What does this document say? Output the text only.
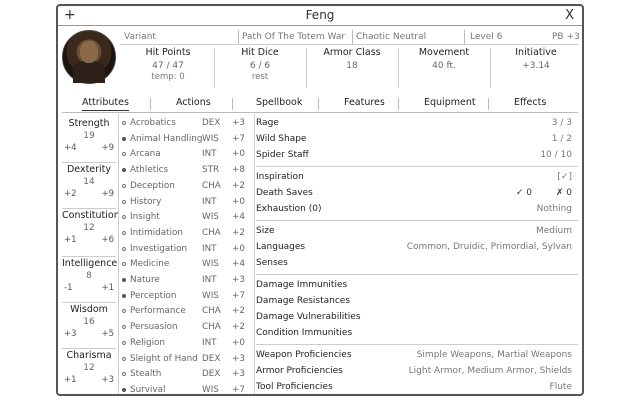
+	Feng	X
Variant	Path Of The Totem War Chaotic Neutral	Level 6	PB +3
Hit Points
47 / 47
temp: 0
Hit Dice
6 / 6
rest
Armor Class
18
Movement
40 ft.
Initiative
+3.14
Attributes	Actions	Spellbook	Features	Equipment	Effects
Strength
19
+4	+9
Dexterity
14
+2	+9
Constitution
12
+1	+6
Intelligence
8
-1	+1
Wisdom
16
+3	+5
Charisma
12
+1	+3
Acrobatics	DEX +3
Animal Handling WIS +7
Arcana	INT +0
Athletics	STR +8
Deception	CHA +2
History	INT +0
Insight	WIS +4
Intimidation CHA +2
Investigation INT +0
Medicine	WIS +4
Nature	INT +3
Perception	WIS +7
Performance CHA +2
Persuasion	CHA +2
Religion	INT +0
Sleight of Hand DEX +3
Stealth	DEX +3
Survival	WIS +7
Rage	3 / 3
Wild Shape	1 / 2
Spider Staff	10 / 10
Inspiration	[✓]
Death Saves	✓ 0	✗ 0
Exhaustion (0)	Nothing
Size	Medium
Languages	Common, Druidic, Primordial, Sylvan
Senses
Damage Immunities
Damage Resistances
Damage Vulnerabilities
Condition Immunities
Weapon Proficiencies	Simple Weapons, Martial Weapons
Armor Proficiencies	Light Armor, Medium Armor, Shields
Tool Proficiencies	Flute
